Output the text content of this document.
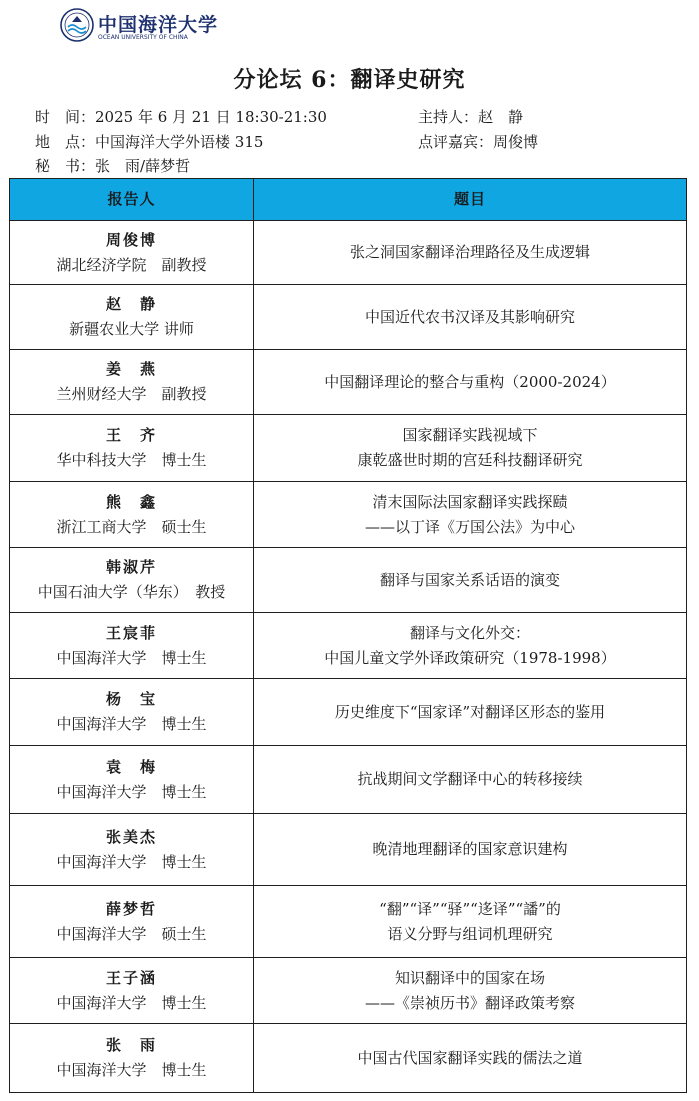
中国海洋大学
OCEAN UNIVERSITY OF CHINA
分论坛 6：翻译史研究
时　间：2025 年 6 月 21 日 18:30-21:30	主持人：赵　静
地　点：中国海洋大学外语楼 315	点评嘉宾：周俊博
秘　书：张　雨/薛梦哲
报告人	题目

周俊博
湖北经济学院　副教授	张之洞国家翻译治理路径及生成逻辑

赵　静
新疆农业大学 讲师	中国近代农书汉译及其影响研究

姜　燕
兰州财经大学　副教授	中国翻译理论的整合与重构（2000-2024）

王　齐
华中科技大学　博士生	国家翻译实践视域下
康乾盛世时期的宫廷科技翻译研究

熊　鑫
浙江工商大学　硕士生	清末国际法国家翻译实践探赜
——以丁译《万国公法》为中心

韩淑芹
中国石油大学（华东）　教授	翻译与国家关系话语的演变

王宸菲
中国海洋大学　博士生	翻译与文化外交：
中国儿童文学外译政策研究（1978-1998）

杨　宝
中国海洋大学　博士生	历史维度下“国家译”对翻译区形态的鉴用

袁　梅
中国海洋大学　博士生	抗战期间文学翻译中心的转移接续

张美杰
中国海洋大学　博士生	晚清地理翻译的国家意识建构

薛梦哲
中国海洋大学　硕士生	“翻”“译”“驿”“迻译”“譒”的
语义分野与组词机理研究

王子涵
中国海洋大学　博士生	知识翻译中的国家在场
——《崇祯历书》翻译政策考察

张　雨
中国海洋大学　博士生	中国古代国家翻译实践的儒法之道
